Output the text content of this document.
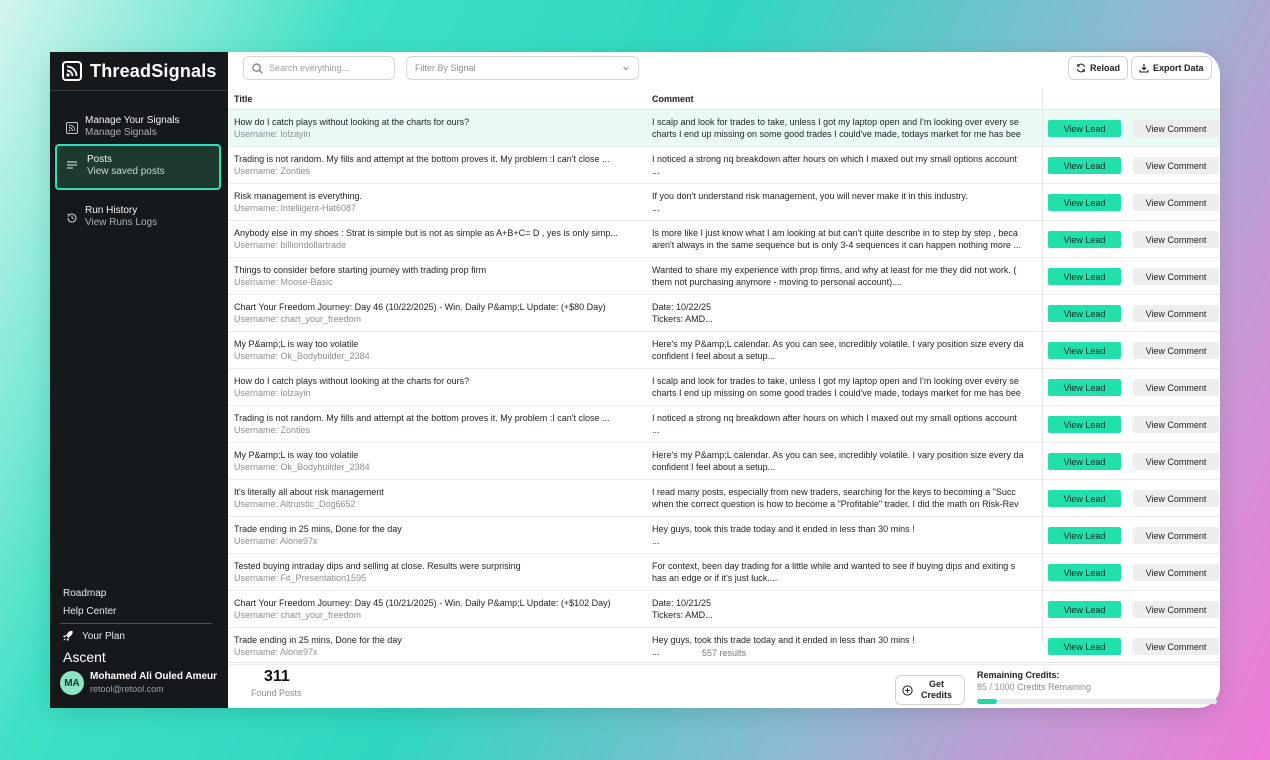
ThreadSignals
Manage Your Signals
Manage Signals
Posts
View saved posts
Run History
View Runs Logs
Roadmap
Help Center
Your Plan
Ascent
MA
Mohamed Ali Ouled Ameur
retool@retool.com
Search everything...
Filter By Signal	Reload	Export Data
Title	Comment
How do I catch plays without looking at the charts for ours?
Username: lolzayin
I scalp and look for trades to take, unless I got my laptop open and I'm looking over every se
charts I end up missing on some good trades I could've made, todays market for me has bee
View Lead	View Comment
Trading is not random. My fills and attempt at the bottom proves it. My problem :I can't close ...
Username: Zonties
I noticed a strong nq breakdown after hours on which I maxed out my small options account
...
View Lead	View Comment
Risk management is everything.
Username: Intelligent-Hat6087
If you don't understand risk management, you will never make it in this industry.
...
View Lead	View Comment
Anybody else in my shoes : Strat is simple but is not as simple as A+B+C= D , yes is only simp...
Username: billiondollartrade
Is more like I just know what I am looking at but can't quite describe in to step by step , beca
aren't always in the same sequence but is only 3-4 sequences it can happen nothing more ...
View Lead	View Comment
Things to consider before starting journey with trading prop firm
Username: Moose-Basic
Wanted to share my experience with prop firms, and why at least for me they did not work. (
them not purchasing anymore - moving to personal account)....
View Lead	View Comment
Chart Your Freedom Journey: Day 46 (10/22/2025) - Win. Daily P&amp;L Update: (+$80 Day)
Username: chart_your_freedom
Date: 10/22/25
Tickers: AMD...
View Lead	View Comment
My P&amp;L is way too volatile
Username: Ok_Bodybuilder_2384
Here's my P&amp;L calendar. As you can see, incredibly volatile. I vary position size every da
confident I feel about a setup...
View Lead	View Comment
How do I catch plays without looking at the charts for ours?
Username: lolzayin
I scalp and look for trades to take, unless I got my laptop open and I'm looking over every se
charts I end up missing on some good trades I could've made, todays market for me has bee
View Lead	View Comment
Trading is not random. My fills and attempt at the bottom proves it. My problem :I can't close ...
Username: Zonties
I noticed a strong nq breakdown after hours on which I maxed out my small options account
...
View Lead	View Comment
My P&amp;L is way too volatile
Username: Ok_Bodybuilder_2384
Here's my P&amp;L calendar. As you can see, incredibly volatile. I vary position size every da
confident I feel about a setup...
View Lead	View Comment
It's literally all about risk management
Username: Altruistic_Dog6652
I read many posts, especially from new traders, searching for the keys to becoming a "Succ
when the correct question is how to become a "Profitable" trader. I did the math on Risk-Rev
View Lead	View Comment
Trade ending in 25 mins, Done for the day
Username: Alone97x
Hey guys, took this trade today and it ended in less than 30 mins !
...
View Lead	View Comment
Tested buying intraday dips and selling at close. Results were surprising
Username: Fit_Presentation1595
For context, been day trading for a little while and wanted to see if buying dips and exiting s
has an edge or if it's just luck....
View Lead	View Comment
Chart Your Freedom Journey: Day 45 (10/21/2025) - Win. Daily P&amp;L Update: (+$102 Day)
Username: chart_your_freedom
Date: 10/21/25
Tickers: AMD...
View Lead	View Comment
Trade ending in 25 mins, Done for the day
Username: Alone97x
Hey guys, took this trade today and it ended in less than 30 mins !
...
View Lead	View Comment
557 results
311
Found Posts
Get
Credits
Remaining Credits:
85 / 1000 Credits Remaining
